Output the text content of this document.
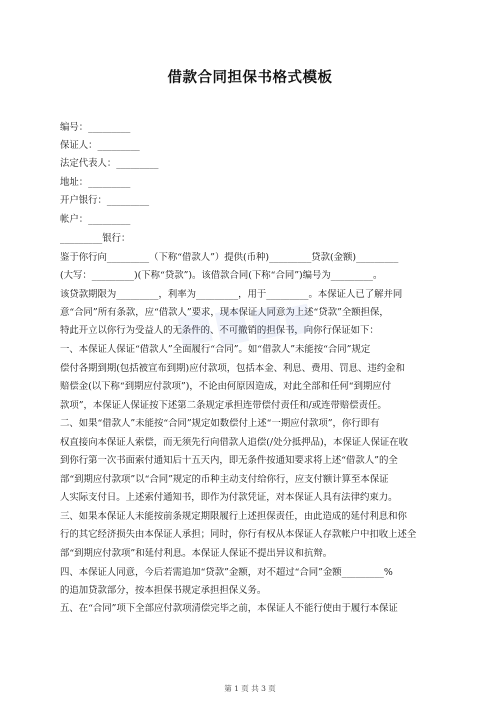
借款合同担保书格式模板
编号：_________
保证人：_________
法定代表人：_________
地址：_________
开户银行：_________
帐户：_________
_________银行：
鉴于你行向_________（下称“借款人”）提供(币种)_________贷款(金额)_________
(大写：_________)(下称“贷款”)。该借款合同(下称“合同”)编号为_________。
该贷款期限为_________，利率为_________，用于_________。本保证人已了解并同
意“合同”所有条款，应“借款人”要求，现本保证人同意为上述“贷款”全额担保，
特此开立以你行为受益人的无条件的、不可撤销的担保书，向你行保证如下：
一、本保证人保证“借款人”全面履行“合同”。如“借款人”未能按“合同”规定
偿付各期到期(包括被宣布到期)应付款项，包括本金、利息、费用、罚息、违约金和
赔偿金(以下称“到期应付款项”)，不论由何原因造成，对此全部和任何“到期应付
款项”，本保证人保证按下述第二条规定承担连带偿付责任和/或连带赔偿责任。
二、如果“借款人”未能按“合同”规定如数偿付上述“一期应付款项”，你行即有
权直接向本保证人索偿，而无须先行向借款人追偿(/处分抵押品)，本保证人保证在收
到你行第一次书面索付通知后十五天内，即无条件按通知要求将上述“借款人”的全
部“到期应付款项”以“合同”规定的币种主动支付给你行，应支付额计算至本保证
人实际支付日。上述索付通知书，即作为付款凭证，对本保证人具有法律约束力。
三、如果本保证人未能按前条规定期限履行上述担保责任，由此造成的延付利息和你
行的其它经济损失由本保证人承担；同时，你行有权从本保证人存款帐户中扣收上述全
部“到期应付款项”和延付利息。本保证人保证不提出异议和抗辩。
四、本保证人同意，今后若需追加“贷款”金额，对不超过“合同”金额_________%
的追加贷款部分，按本担保书规定承担担保义务。
五、在“合同”项下全部应付款项清偿完毕之前，本保证人不能行使由于履行本保证
第 1 页 共 3 页
